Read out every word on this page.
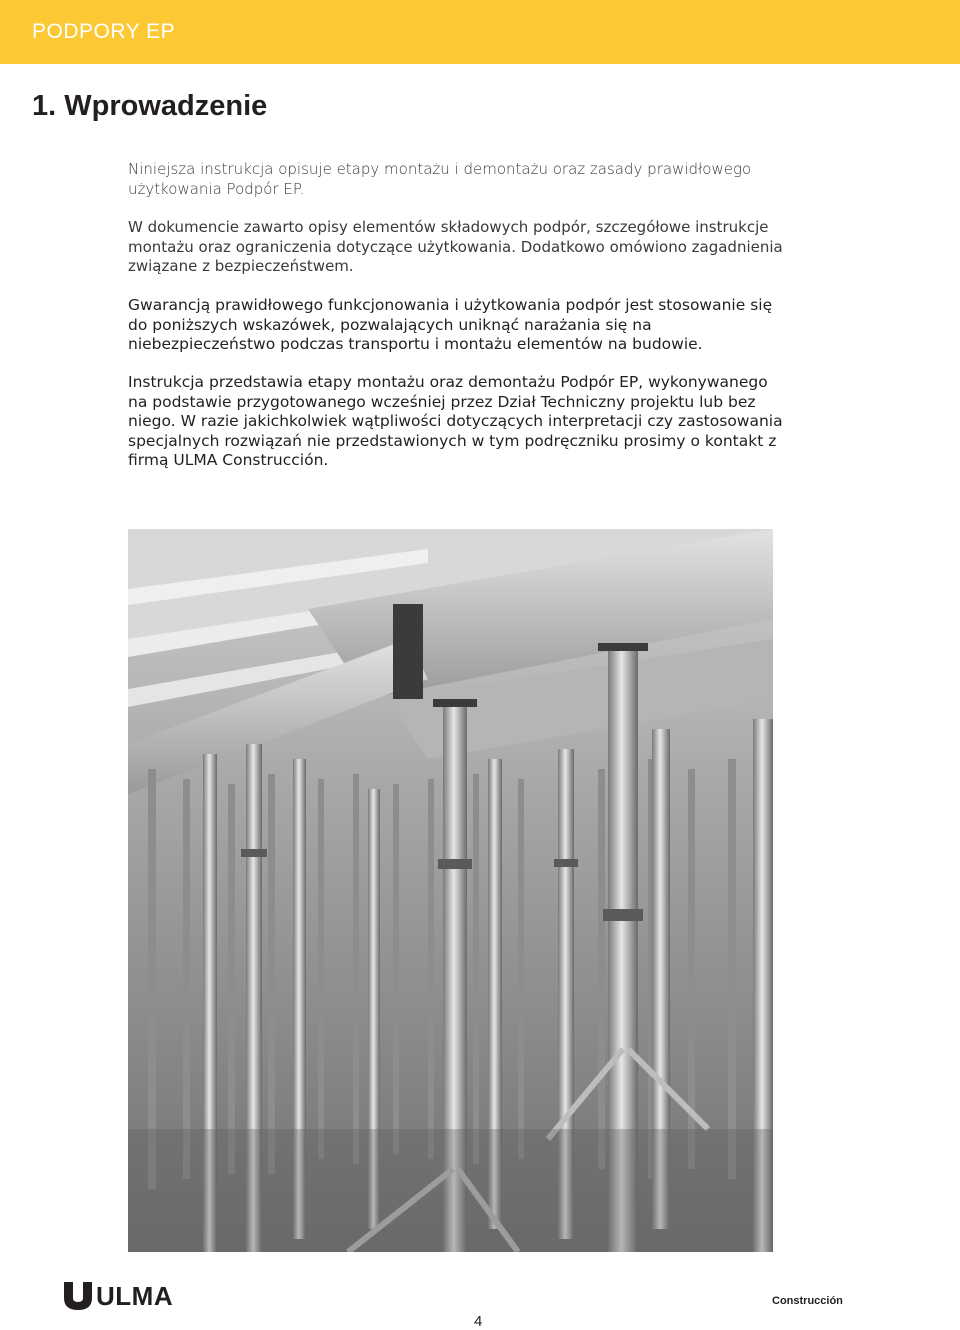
PODPORY EP
1. Wprowadzenie

Niniejsza instrukcja opisuje etapy montażu i demontażu oraz zasady prawidłowego użytkowania Podpór EP.

W dokumencie zawarto opisy elementów składowych podpór, szczegółowe instrukcje montażu oraz ograniczenia dotyczące użytkowania. Dodatkowo omówiono zagadnienia związane z bezpieczeństwem.

Gwarancją prawidłowego funkcjonowania i użytkowania podpór jest stosowanie się do poniższych wskazówek, pozwalających uniknąć narażania się na niebezpieczeństwo podczas transportu i montażu elementów na budowie.

Instrukcja przedstawia etapy montażu oraz demontażu Podpór EP, wykonywanego na podstawie przygotowanego wcześniej przez Dział Techniczny projektu lub bez niego. W razie jakichkolwiek wątpliwości dotyczących interpretacji czy zastosowania specjalnych rozwiązań nie przedstawionych w tym podręczniku prosimy o kontakt z firmą ULMA Construcción.

ULMA
4
Construcción
